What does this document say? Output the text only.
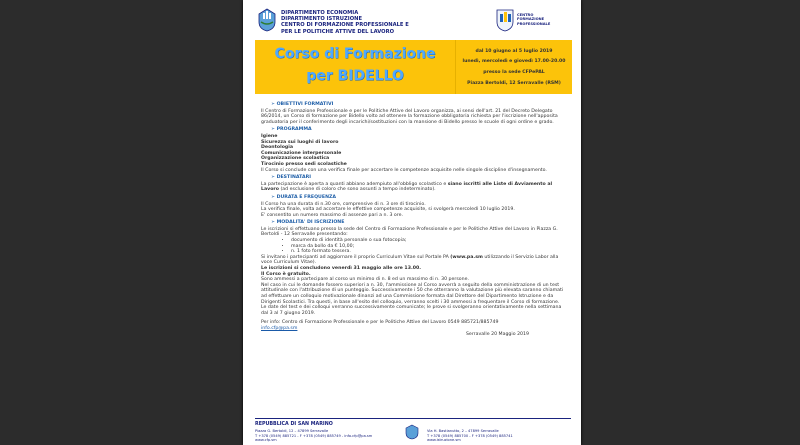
DIPARTIMENTO ECONOMIA
DIPARTIMENTO ISTRUZIONE
CENTRO DI FORMAZIONE PROFESSIONALE E
PER LE POLITICHE ATTIVE DEL LAVORO
CENTRO
FORMAZIONE
PROFESSIONALE
Corso di Formazione
per BIDELLO
dal 10 giugno al 5 luglio 2019
lunedì, mercoledì e giovedì 17.00-20.00
presso la sede CFPePAL
Piazza Bertoldi, 12 Serravalle (RSM)
➢ OBIETTIVI FORMATIVI

Il Centro di Formazione Professionale e per le Politiche Attive del Lavoro organizza, ai sensi dell'art. 21 del Decreto Delegato 86/2014, un Corso di formazione per Bidello volto ad ottenere la formazione obbligatoria richiesta per l'iscrizione nell'apposita graduatoria per il conferimento degli incarichi/sostituzioni con la mansione di Bidello presso le scuole di ogni ordine e grado.

➢ PROGRAMMA

Igiene

Sicurezza sui luoghi di lavoro

Deontologia

Comunicazione interpersonale

Organizzazione scolastica

Tirocinio presso sedi scolastiche

Il Corso si conclude con una verifica finale per accertare le competenze acquisite nelle singole discipline d'insegnamento.

➢ DESTINATARI

La partecipazione è aperta a quanti abbiano adempiuto all'obbligo scolastico e siano iscritti alle Liste di Avviamento al Lavoro (ad esclusione di coloro che sono assunti a tempo indeterminato).

➢ DURATA E FREQUENZA

Il Corso ha una durata di n.30 ore, comprensive di n. 3 ore di tirocinio.

La verifica finale, volta ad accertare le effettive competenze acquisite, si svolgerà mercoledì 10 luglio 2019.

E' consentito un numero massimo di assenze pari a n. 3 ore.

➢ MODALITA' DI ISCRIZIONE

Le iscrizioni si effettuano presso la sede del Centro di Formazione Professionale e per le Politiche Attive del Lavoro in Piazza G. Bertoldi - 12 Serravalle presentando:

• documento di identità personale o sua fotocopia;
• marca da bollo da € 10,00;
• n. 1 foto formato tessera.

Si invitano i partecipanti ad aggiornare il proprio Curriculum Vitae sul Portale PA (www.pa.sm utilizzando il Servizio Labor alla voce Curriculum Vitae).

Le iscrizioni si concludono venerdì 31 maggio alle ore 13.00.

Il Corso è gratuito.

Sono ammessi a partecipare al corso un minimo di n. 8 ed un massimo di n. 30 persone.

Nel caso in cui le domande fossero superiori a n. 30, l'ammissione al Corso avverrà a seguito della somministrazione di un test attitudinale con l'attribuzione di un punteggio. Successivamente i 50 che otterranno la valutazione più elevata saranno chiamati ad effettuare un colloquio motivazionale dinanzi ad una Commissione formata dal Direttore del Dipartimento Istruzione e da Dirigenti Scolastici. Tra questi, in base all'esito del colloquio, verranno scelti i 30 ammessi a frequentare il Corso di formazione.

Le date del test e dei colloqui verranno successivamente comunicate; le prove si svolgeranno orientativamente nella settimana dal 3 al 7 giugno 2019.

Per info: Centro di Formazione Professionale e per le Politiche Attive del Lavoro 0549 885721/885749

info.cfp@pa.sm

Serravalle 20 Maggio 2019

REPUBBLICA DI SAN MARINO
Piazza G. Bertoldi, 12 – 47899 Serravalle
T +378 (0549) 885721 - F +378 (0549) 885749 - info.cfp@pa.sm
www.cfp.sm
Via H. Bastianutto, 2 – 47899 Serravalle
T +378 (0549) 885700 - F +378 (0549) 885741
www.istruzione.sm
